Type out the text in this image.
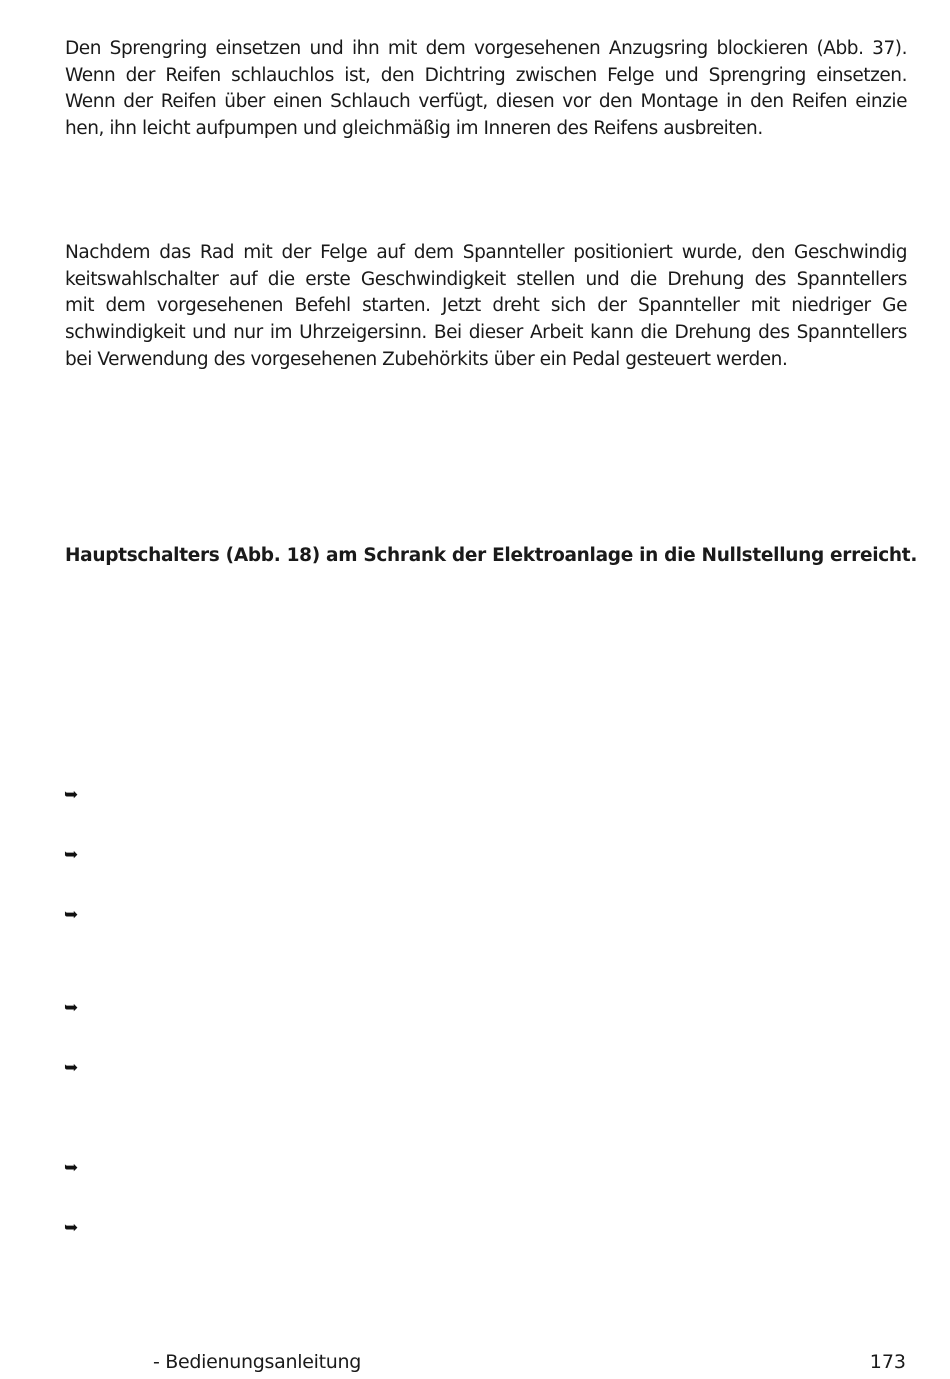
Den Sprengring einsetzen und ihn mit dem vorgesehenen Anzugsring blockieren (Abb. 37).
Wenn der Reifen schlauchlos ist, den Dichtring zwischen Felge und Sprengring einsetzen.
Wenn der Reifen über einen Schlauch verfügt, diesen vor den Montage in den Reifen einzie
hen, ihn leicht aufpumpen und gleichmäßig im Inneren des Reifens ausbreiten.

Nachdem das Rad mit der Felge auf dem Spannteller positioniert wurde, den Geschwindig
keitswahlschalter auf die erste Geschwindigkeit stellen und die Drehung des Spanntellers
mit dem vorgesehenen Befehl starten. Jetzt dreht sich der Spannteller mit niedriger Ge
schwindigkeit und nur im Uhrzeigersinn. Bei dieser Arbeit kann die Drehung des Spanntellers
bei Verwendung des vorgesehenen Zubehörkits über ein Pedal gesteuert werden.

Hauptschalters (Abb. 18) am Schrank der Elektroanlage in die Nullstellung erreicht.

➥
➥
➥
➥
➥
➥
➥
- Bedienungsanleitung	173
